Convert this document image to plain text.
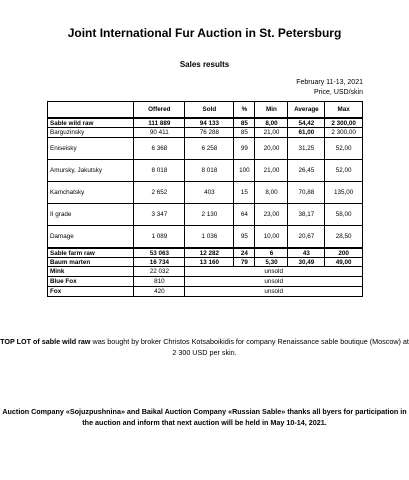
Joint International Fur Auction in St. Petersburg
Sales results
February 11-13, 2021
Price, USD/skin
	Offered	Sold	%	Min	Average	Max
Sable wild raw	111 889	94 133	85	8,00	54,42	2 300,00
Barguzinsky	90 411	76 288	85	21,00	61,00	2 300,00
Eniseisky	6 368	6 258	99	20,00	31,25	52,00
Amursky, Jakutsky	8 018	8 018	100	21,00	26,45	52,00
Kamchatsky	2 652	403	15	8,00	70,88	135,00
II grade	3 347	2 130	64	23,00	38,17	58,00
Damage	1 089	1 036	95	10,00	20,67	28,50
Sable farm raw	53 063	12 282	24	6	43	200
Baum marten	16 734	13 160	79	5,30	30,49	49,00
Mink	22 032	unsold				
Blue Fox	810	unsold				
Fox	420	unsold				
TOP LOT of sable wild raw was bought by broker Christos Kotsaboikidis for company Renaissance sable boutique (Moscow) at 2 300 USD per skin.
Auction Company «Sojuzpushnina» and Baikal Auction Company «Russian Sable» thanks all byers for participation in the auction and inform that next auction will be held in May 10-14, 2021.
